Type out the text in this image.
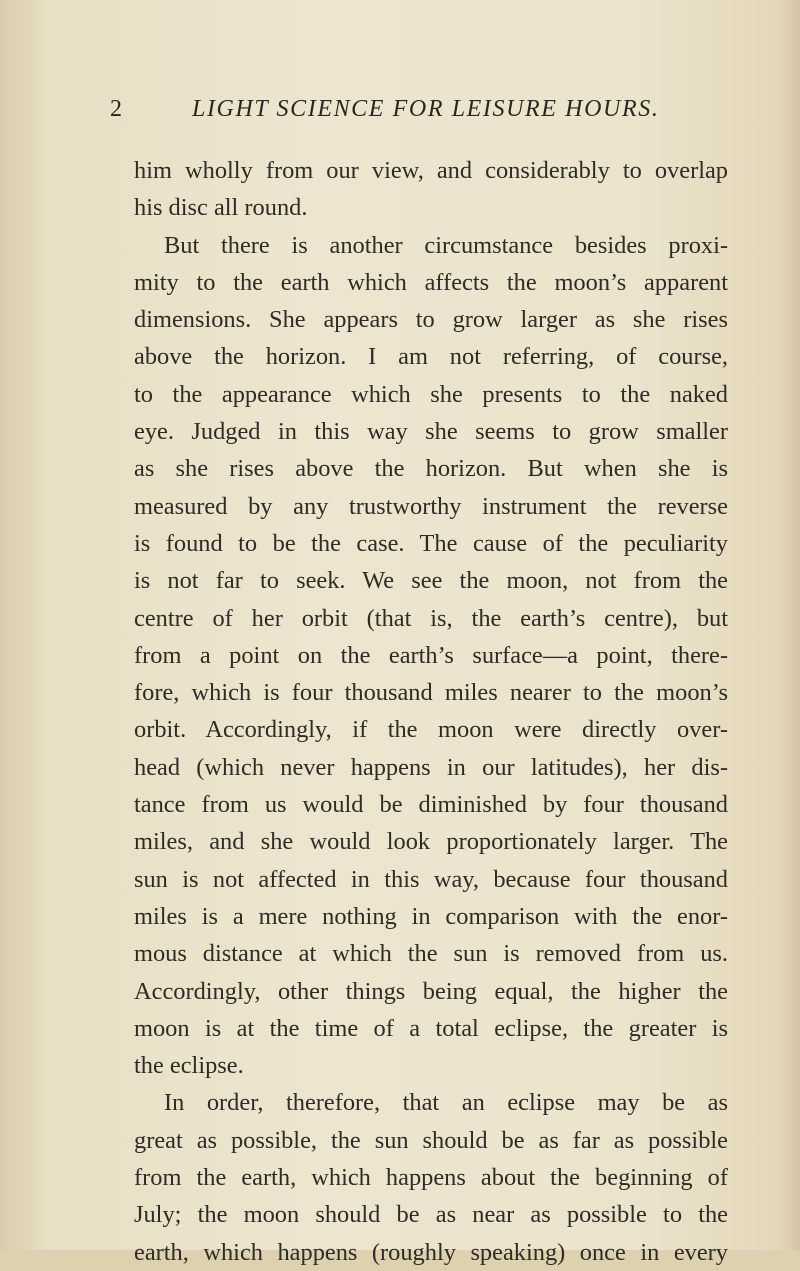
2	LIGHT SCIENCE FOR LEISURE HOURS.
him wholly from our view, and considerably to overlap
his disc all round.
But there is another circumstance besides proxi-
mity to the earth which affects the moon’s apparent
dimensions. She appears to grow larger as she rises
above the horizon. I am not referring, of course,
to the appearance which she presents to the naked
eye. Judged in this way she seems to grow smaller
as she rises above the horizon. But when she is
measured by any trustworthy instrument the reverse
is found to be the case. The cause of the peculiarity
is not far to seek. We see the moon, not from the
centre of her orbit (that is, the earth’s centre), but
from a point on the earth’s surface—a point, there-
fore, which is four thousand miles nearer to the moon’s
orbit. Accordingly, if the moon were directly over-
head (which never happens in our latitudes), her dis-
tance from us would be diminished by four thousand
miles, and she would look proportionately larger. The
sun is not affected in this way, because four thousand
miles is a mere nothing in comparison with the enor-
mous distance at which the sun is removed from us.
Accordingly, other things being equal, the higher the
moon is at the time of a total eclipse, the greater is
the eclipse.
In order, therefore, that an eclipse may be as
great as possible, the sun should be as far as possible
from the earth, which happens about the beginning of
July; the moon should be as near as possible to the
earth, which happens (roughly speaking) once in every
